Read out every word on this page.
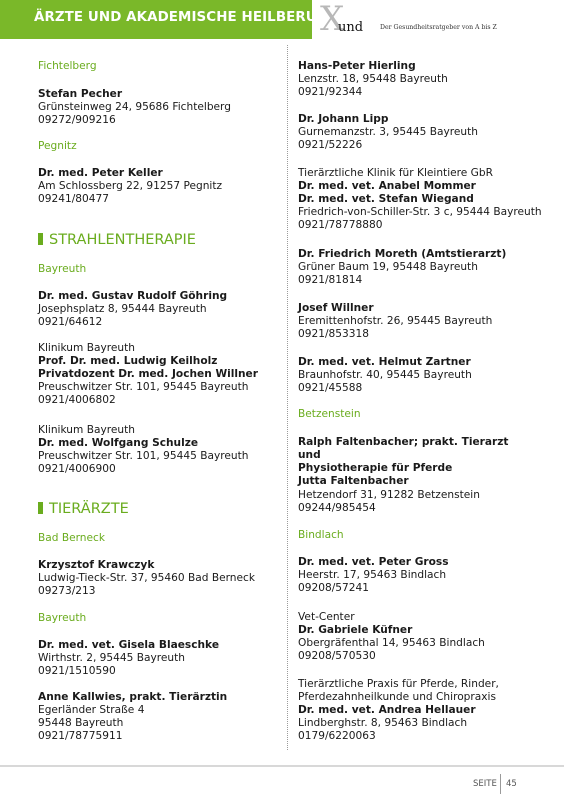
ÄRZTE UND AKADEMISCHE HEILBERUFE
X
und	Der Gesundheitsratgeber von A bis Z
Fichtelberg
Stefan Pecher
Grünsteinweg 24, 95686 Fichtelberg
09272/909216
Pegnitz
Dr. med. Peter Keller
Am Schlossberg 22, 91257 Pegnitz
09241/80477
STRAHLENTHERAPIE
Bayreuth
Dr. med. Gustav Rudolf Göhring
Josephsplatz 8, 95444 Bayreuth
0921/64612
Klinikum Bayreuth
Prof. Dr. med. Ludwig Keilholz
Privatdozent Dr. med. Jochen Willner
Preuschwitzer Str. 101, 95445 Bayreuth
0921/4006802
Klinikum Bayreuth
Dr. med. Wolfgang Schulze
Preuschwitzer Str. 101, 95445 Bayreuth
0921/4006900
TIERÄRZTE
Bad Berneck
Krzysztof Krawczyk
Ludwig-Tieck-Str. 37, 95460 Bad Berneck
09273/213
Bayreuth
Dr. med. vet. Gisela Blaeschke
Wirthstr. 2, 95445 Bayreuth
0921/1510590
Anne Kallwies, prakt. Tierärztin
Egerländer Straße 4
95448 Bayreuth
0921/78775911
Hans-Peter Hierling
Lenzstr. 18, 95448 Bayreuth
0921/92344
Dr. Johann Lipp
Gurnemanzstr. 3, 95445 Bayreuth
0921/52226
Tierärztliche Klinik für Kleintiere GbR
Dr. med. vet. Anabel Mommer
Dr. med. vet. Stefan Wiegand
Friedrich-von-Schiller-Str. 3 c, 95444 Bayreuth
0921/78778880
Dr. Friedrich Moreth (Amtstierarzt)
Grüner Baum 19, 95448 Bayreuth
0921/81814
Josef Willner
Eremittenhofstr. 26, 95445 Bayreuth
0921/853318
Dr. med. vet. Helmut Zartner
Braunhofstr. 40, 95445 Bayreuth
0921/45588
Betzenstein
Ralph Faltenbacher; prakt. Tierarzt
und
Physiotherapie für Pferde
Jutta Faltenbacher
Hetzendorf 31, 91282 Betzenstein
09244/985454
Bindlach
Dr. med. vet. Peter Gross
Heerstr. 17, 95463 Bindlach
09208/57241
Vet-Center
Dr. Gabriele Küfner
Obergräfenthal 14, 95463 Bindlach
09208/570530
Tierärztliche Praxis für Pferde, Rinder,
Pferdezahnheilkunde und Chiropraxis
Dr. med. vet. Andrea Hellauer
Lindberghstr. 8, 95463 Bindlach
0179/6220063
SEITE 45
